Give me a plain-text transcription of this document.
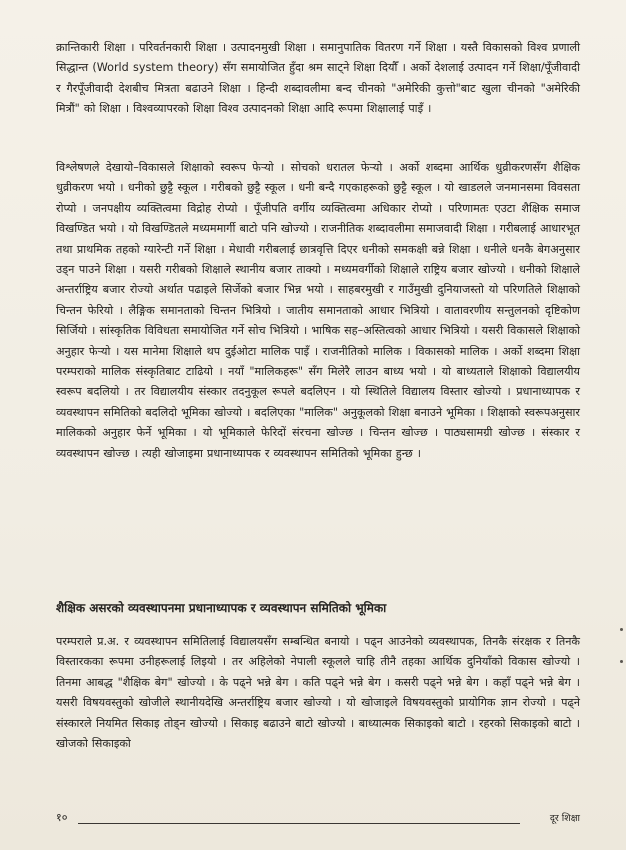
क्रान्तिकारी शिक्षा । परिवर्तनकारी शिक्षा । उत्पादनमुखी शिक्षा । समानुपातिक वितरण गर्ने शिक्षा । यस्तै विकासको विश्व प्रणाली सिद्धान्त (World system theory) सँग समायोजित हुँदा श्रम साट्ने शिक्षा दियौँ । अर्को देशलाई उत्पादन गर्ने शिक्षा/पूँजीवादी र गैरपूँजीवादी देशबीच मित्रता बढाउने शिक्षा । हिन्दी शब्दावलीमा बन्द चीनको "अमेरिकी कुत्तो"बाट खुला चीनको "अमेरिकी मित्रौं" को शिक्षा । विश्वव्यापरको शिक्षा विश्व उत्पादनको शिक्षा आदि रूपमा शिक्षालाई पाइँ ।
विश्लेषणले देखायो–विकासले शिक्षाको स्वरूप फेऱ्यो । सोचको धरातल फेऱ्यो । अर्को शब्दमा आर्थिक धुव्रीकरणसँग शैक्षिक धुव्रीकरण भयो । धनीको छुट्टै स्कूल । गरीबको छुट्टै स्कूल । धनी बन्दै गएकाहरूको छुट्टै स्कूल । यो खाडलले जनमानसमा विवसता रोप्यो । जनपक्षीय व्यक्तित्वमा विद्रोह रोप्यो । पूँजीपति वर्गीय व्यक्तित्वमा अधिकार रोप्यो । परिणामतः एउटा शैक्षिक समाज विखण्डित भयो । यो विखण्डितले मध्यममार्गी बाटो पनि खोज्यो । राजनीतिक शब्दावलीमा समाजवादी शिक्षा । गरीबलाई आधारभूत तथा प्राथमिक तहको ग्यारेन्टी गर्ने शिक्षा । मेधावी गरीबलाई छात्रवृत्ति दिएर धनीको समकक्षी बन्ने शिक्षा । धनीले धनकै बेगअनुसार उड्न पाउने शिक्षा । यसरी गरीबको शिक्षाले स्थानीय बजार ताक्यो । मध्यमवर्गीको शिक्षाले राष्ट्रिय बजार खोज्यो । धनीको शिक्षाले अन्तर्राष्ट्रिय बजार रोज्यो अर्थात पढाइले सिर्जेको बजार भिन्न भयो । साहबरमुखी र गाउँमुखी दुनियाजस्तो यो परिणतिले शिक्षाको चिन्तन फेरियो । लैङ्गिक समानताको चिन्तन भित्रियो । जातीय समानताको आधार भित्रियो । वातावरणीय सन्तुलनको दृष्टिकोण सिर्जियो । सांस्कृतिक विविधता समायोजित गर्ने सोच भित्रियो । भाषिक सह–अस्तित्वको आधार भित्रियो । यसरी विकासले शिक्षाको अनुहार फेऱ्यो । यस मानेमा शिक्षाले थप दुईओटा मालिक पाइँ । राजनीतिको मालिक । विकासको मालिक । अर्को शब्दमा शिक्षा परम्पराको मालिक संस्कृतिबाट टाढियो । नयाँ "मालिकहरू" सँग मिलेरै लाउन बाध्य भयो । यो बाध्यताले शिक्षाको विद्यालयीय स्वरूप बदलियो । तर विद्यालयीय संस्कार तदनुकूल रूपले बदलिएन । यो स्थितिले विद्यालय विस्तार खोज्यो । प्रधानाध्यापक र व्यवस्थापन समितिको बदलिदो भूमिका खोज्यो । बदलिएका "मालिक" अनुकूलको शिक्षा बनाउने भूमिका । शिक्षाको स्वरूपअनुसार मालिकको अनुहार फेर्ने भूमिका । यो भूमिकाले फेरिदों संरचना खोज्छ । चिन्तन खोज्छ । पाठ्यसामग्री खोज्छ । संस्कार र व्यवस्थापन खोज्छ । त्यही खोजाइमा प्रधानाध्यापक र व्यवस्थापन समितिको भूमिका हुन्छ ।
शैक्षिक असरको व्यवस्थापनमा प्रधानाध्यापक र व्यवस्थापन समितिको भूमिका
परम्पराले प्र.अ. र व्यवस्थापन समितिलाई विद्यालयसँग सम्बन्धित बनायो । पढ्न आउनेको व्यवस्थापक, तिनकै संरक्षक र तिनकै विस्तारकका रूपमा उनीहरूलाई लिइयो । तर अहिलेको नेपाली स्कूलले चाहि तीनै तहका आर्थिक दुनियाँको विकास खोज्यो । तिनमा आबद्ध "शैक्षिक बेग" खोज्यो । के पढ्ने भन्ने बेग । कति पढ्ने भन्ने बेग । कसरी पढ्ने भन्ने बेग । कहाँ पढ्ने भन्ने बेग । यसरी विषयवस्तुको खोजीले स्थानीयदेखि अन्तर्राष्ट्रिय बजार खोज्यो । यो खोजाइले विषयवस्तुको प्रायोगिक ज्ञान रोज्यो । पढ्ने संस्कारले नियमित सिकाइ तोड्न खोज्यो । सिकाइ बढाउने बाटो खोज्यो । बाध्यात्मक सिकाइको बाटो । रहरको सिकाइको बाटो । खोजको सिकाइको
१०	दूर शिक्षा
